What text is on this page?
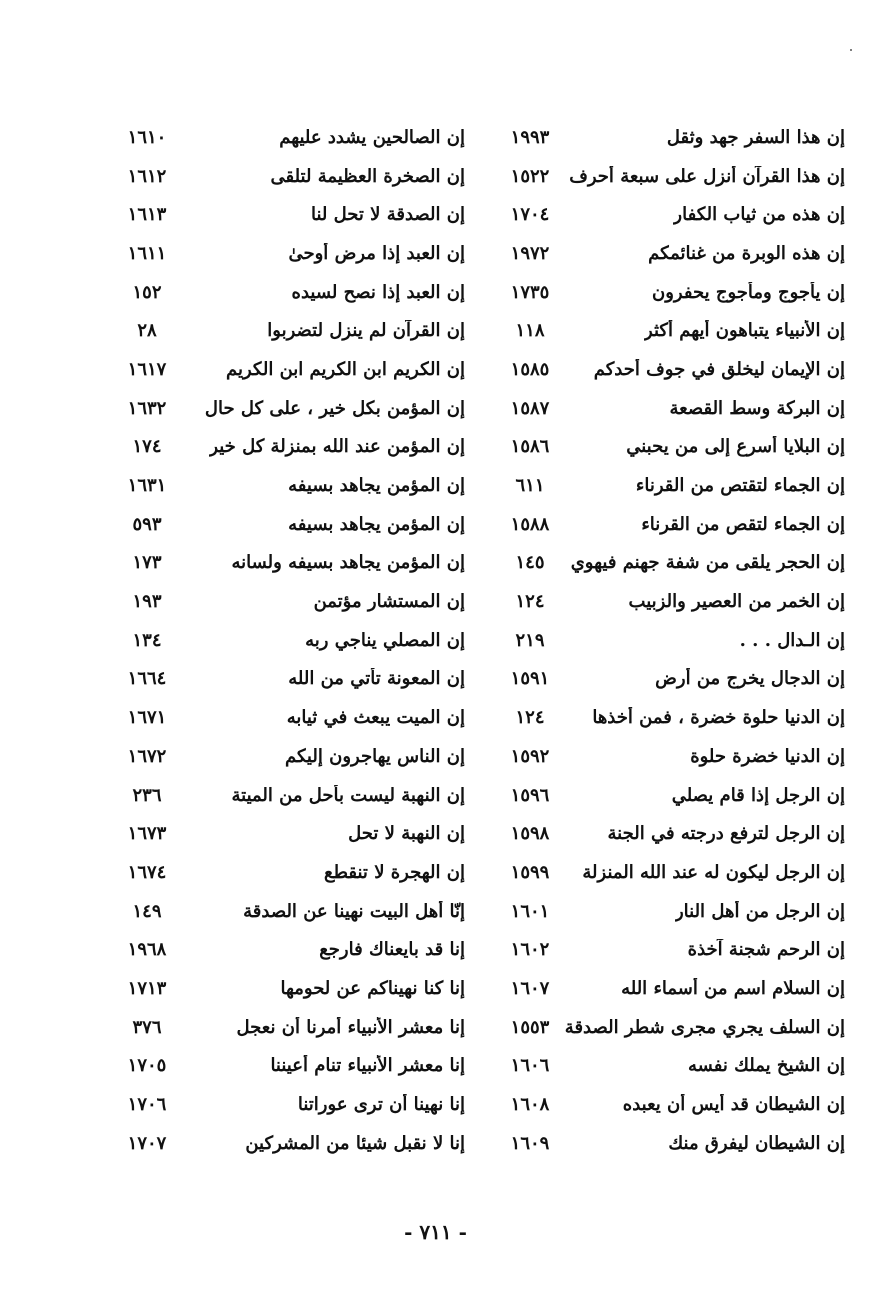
إن هذا السفر جهد وثقل
١٩٩٣
إن هذا القرآن أنزل على سبعة أحرف
١٥٢٢
إن هذه من ثياب الكفار
١٧٠٤
إن هذه الوبرة من غنائمكم
١٩٧٢
إن يأجوج ومأجوج يحفرون
١٧٣٥
إن الأنبياء يتباهون أيهم أكثر
١١٨
إن الإيمان ليخلق في جوف أحدكم
١٥٨٥
إن البركة وسط القصعة
١٥٨٧
إن البلايا أسرع إلى من يحبني
١٥٨٦
إن الجماء لتقتص من القرناء
٦١١
إن الجماء لتقص من القرناء
١٥٨٨
إن الحجر يلقى من شفة جهنم فيهوي
١٤٥
إن الخمر من العصير والزبيب
١٢٤
إن الـدال . . .
٢١٩
إن الدجال يخرج من أرض
١٥٩١
إن الدنيا حلوة خضرة ، فمن أخذها
١٢٤
إن الدنيا خضرة حلوة
١٥٩٢
إن الرجل إذا قام يصلي
١٥٩٦
إن الرجل لترفع درجته في الجنة
١٥٩٨
إن الرجل ليكون له عند الله المنزلة
١٥٩٩
إن الرجل من أهل النار
١٦٠١
إن الرحم شجنة آخذة
١٦٠٢
إن السلام اسم من أسماء الله
١٦٠٧
إن السلف يجري مجرى شطر الصدقة
١٥٥٣
إن الشيخ يملك نفسه
١٦٠٦
إن الشيطان قد أيس أن يعبده
١٦٠٨
إن الشيطان ليفرق منك
١٦٠٩
إن الصالحين يشدد عليهم
١٦١٠
إن الصخرة العظيمة لتلقى
١٦١٢
إن الصدقة لا تحل لنا
١٦١٣
إن العبد إذا مرض أوحىٰ
١٦١١
إن العبد إذا نصح لسيده
١٥٢
إن القرآن لم ينزل لتضربوا
٢٨
إن الكريم ابن الكريم ابن الكريم
١٦١٧
إن المؤمن بكل خير ، على كل حال
١٦٣٢
إن المؤمن عند الله بمنزلة كل خير
١٧٤
إن المؤمن يجاهد بسيفه
١٦٣١
إن المؤمن يجاهد بسيفه
٥٩٣
إن المؤمن يجاهد بسيفه ولسانه
١٧٣
إن المستشار مؤتمن
١٩٣
إن المصلي يناجي ربه
١٣٤
إن المعونة تأتي من الله
١٦٦٤
إن الميت يبعث في ثيابه
١٦٧١
إن الناس يهاجرون إليكم
١٦٧٢
إن النهبة ليست بأحل من الميتة
٢٣٦
إن النهبة لا تحل
١٦٧٣
إن الهجرة لا تنقطع
١٦٧٤
إنّا أهل البيت نهينا عن الصدقة
١٤٩
إنا قد بايعناك فارجع
١٩٦٨
إنا كنا نهيناكم عن لحومها
١٧١٣
إنا معشر الأنبياء أمرنا أن نعجل
٣٧٦
إنا معشر الأنبياء تنام أعيننا
١٧٠٥
إنا نهينا أن ترى عوراتنا
١٧٠٦
إنا لا نقبل شيئا من المشركين
١٧٠٧
- ٧١١ -
